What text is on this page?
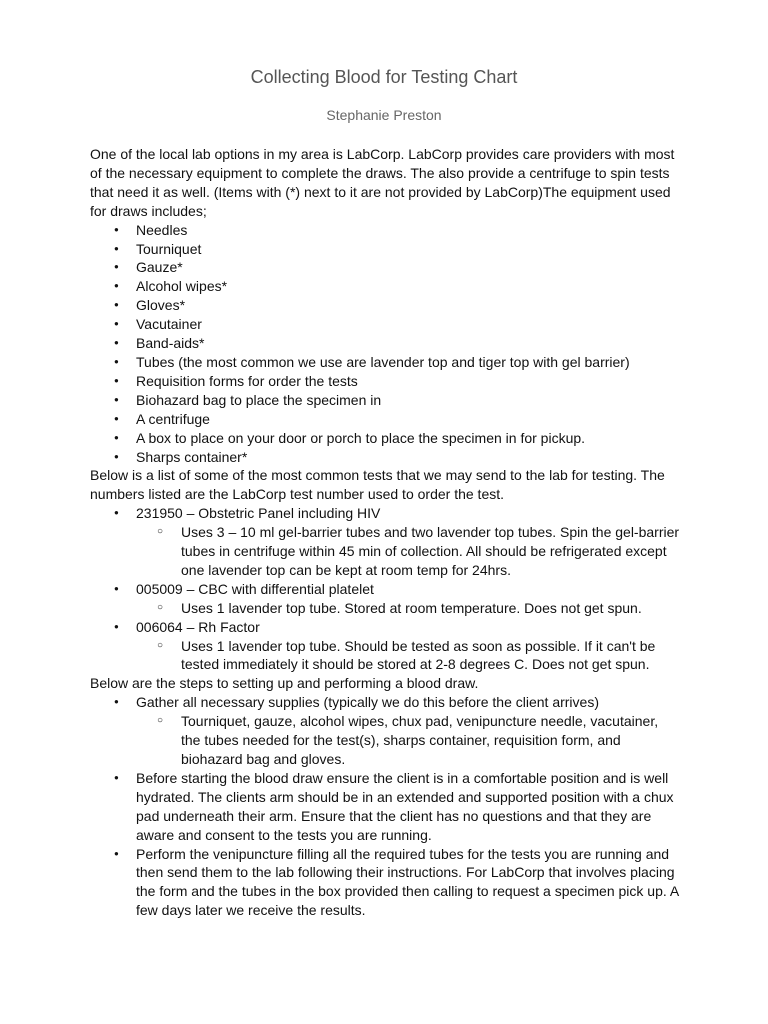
Collecting Blood for Testing Chart
Stephanie Preston

One of the local lab options in my area is LabCorp. LabCorp provides care providers with most of the necessary equipment to complete the draws. The also provide a centrifuge to spin tests that need it as well. (Items with (*) next to it are not provided by LabCorp)The equipment used for draws includes;

● Needles
● Tourniquet
● Gauze*
● Alcohol wipes*
● Gloves*
● Vacutainer
● Band-aids*
● Tubes (the most common we use are lavender top and tiger top with gel barrier)
● Requisition forms for order the tests
● Biohazard bag to place the specimen in
● A centrifuge
● A box to place on your door or porch to place the specimen in for pickup.
● Sharps container*

Below is a list of some of the most common tests that we may send to the lab for testing. The numbers listed are the LabCorp test number used to order the test.

● 231950 – Obstetric Panel including HIV
○ Uses 3 – 10 ml gel-barrier tubes and two lavender top tubes. Spin the gel-barrier tubes in centrifuge within 45 min of collection. All should be refrigerated except one lavender top can be kept at room temp for 24hrs.
● 005009 – CBC with differential platelet
○ Uses 1 lavender top tube. Stored at room temperature. Does not get spun.
● 006064 – Rh Factor
○ Uses 1 lavender top tube. Should be tested as soon as possible. If it can't be tested immediately it should be stored at 2-8 degrees C. Does not get spun.

Below are the steps to setting up and performing a blood draw.

● Gather all necessary supplies (typically we do this before the client arrives)
○ Tourniquet, gauze, alcohol wipes, chux pad, venipuncture needle, vacutainer, the tubes needed for the test(s), sharps container, requisition form, and biohazard bag and gloves.
● Before starting the blood draw ensure the client is in a comfortable position and is well hydrated. The clients arm should be in an extended and supported position with a chux pad underneath their arm. Ensure that the client has no questions and that they are aware and consent to the tests you are running.
● Perform the venipuncture filling all the required tubes for the tests you are running and then send them to the lab following their instructions. For LabCorp that involves placing the form and the tubes in the box provided then calling to request a specimen pick up. A few days later we receive the results.
